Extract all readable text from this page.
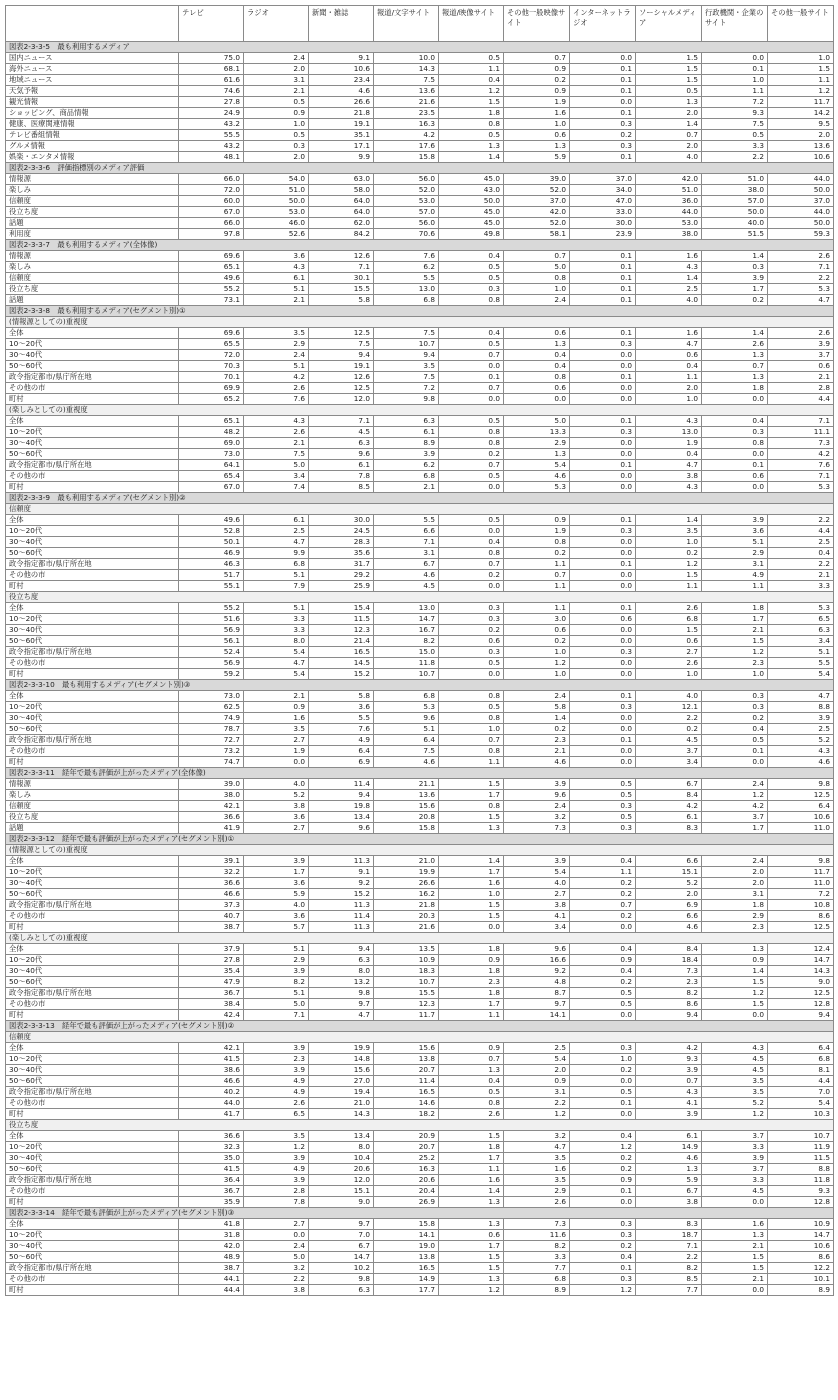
	テレビ	ラジオ	新聞・雑誌	報道/文字サイト	報道/映像サイト	その他一般映像サイト	インターネットラジオ	ソーシャルメディア	行政機関・企業のサイト	その他一般サイト
図表2-3-3-5　最も利用するメディア										
国内ニュース	75.0	2.4	9.1	10.0	0.5	0.7	0.0	1.5	0.0	1.0
海外ニュース	68.1	2.0	10.6	14.3	1.1	0.9	0.1	1.5	0.1	1.5
地域ニュース	61.6	3.1	23.4	7.5	0.4	0.2	0.1	1.5	1.0	1.1
天気予報	74.6	2.1	4.6	13.6	1.2	0.9	0.1	0.5	1.1	1.2
観光情報	27.8	0.5	26.6	21.6	1.5	1.9	0.0	1.3	7.2	11.7
ショッピング、商品情報	24.9	0.9	21.8	23.5	1.8	1.6	0.1	2.0	9.3	14.2
健康、医療関連情報	43.2	1.0	19.1	16.3	0.8	1.0	0.3	1.4	7.5	9.5
テレビ番組情報	55.5	0.5	35.1	4.2	0.5	0.6	0.2	0.7	0.5	2.0
グルメ情報	43.2	0.3	17.1	17.6	1.3	1.3	0.3	2.0	3.3	13.6
娯楽・エンタメ情報	48.1	2.0	9.9	15.8	1.4	5.9	0.1	4.0	2.2	10.6
図表2-3-3-6　評価指標別のメディア評価										
情報源	66.0	54.0	63.0	56.0	45.0	39.0	37.0	42.0	51.0	44.0
楽しみ	72.0	51.0	58.0	52.0	43.0	52.0	34.0	51.0	38.0	50.0
信頼度	60.0	50.0	64.0	53.0	50.0	37.0	47.0	36.0	57.0	37.0
役立ち度	67.0	53.0	64.0	57.0	45.0	42.0	33.0	44.0	50.0	44.0
話題	66.0	46.0	62.0	56.0	45.0	52.0	30.0	53.0	40.0	50.0
利用度	97.8	52.6	84.2	70.6	49.8	58.1	23.9	38.0	51.5	59.3
図表2-3-3-7　最も利用するメディア(全体像)										
情報源	69.6	3.6	12.6	7.6	0.4	0.7	0.1	1.6	1.4	2.6
楽しみ	65.1	4.3	7.1	6.2	0.5	5.0	0.1	4.3	0.3	7.1
信頼度	49.6	6.1	30.1	5.5	0.5	0.8	0.1	1.4	3.9	2.2
役立ち度	55.2	5.1	15.5	13.0	0.3	1.0	0.1	2.5	1.7	5.3
話題	73.1	2.1	5.8	6.8	0.8	2.4	0.1	4.0	0.2	4.7
図表2-3-3-8　最も利用するメディア(セグメント別)①										
(情報源としての)重視度										
全体	69.6	3.5	12.5	7.5	0.4	0.6	0.1	1.6	1.4	2.6
10〜20代	65.5	2.9	7.5	10.7	0.5	1.3	0.3	4.7	2.6	3.9
30〜40代	72.0	2.4	9.4	9.4	0.7	0.4	0.0	0.6	1.3	3.7
50〜60代	70.3	5.1	19.1	3.5	0.0	0.4	0.0	0.4	0.7	0.6
政令指定都市/県庁所在地	70.1	4.2	12.6	7.5	0.1	0.8	0.1	1.1	1.3	2.1
その他の市	69.9	2.6	12.5	7.2	0.7	0.6	0.0	2.0	1.8	2.8
町村	65.2	7.6	12.0	9.8	0.0	0.0	0.0	1.0	0.0	4.4
(楽しみとしての)重視度										
全体	65.1	4.3	7.1	6.3	0.5	5.0	0.1	4.3	0.4	7.1
10〜20代	48.2	2.6	4.5	6.1	0.8	13.3	0.3	13.0	0.3	11.1
30〜40代	69.0	2.1	6.3	8.9	0.8	2.9	0.0	1.9	0.8	7.3
50〜60代	73.0	7.5	9.6	3.9	0.2	1.3	0.0	0.4	0.0	4.2
政令指定都市/県庁所在地	64.1	5.0	6.1	6.2	0.7	5.4	0.1	4.7	0.1	7.6
その他の市	65.4	3.4	7.8	6.8	0.5	4.6	0.0	3.8	0.6	7.1
町村	67.0	7.4	8.5	2.1	0.0	5.3	0.0	4.3	0.0	5.3
図表2-3-3-9　最も利用するメディア(セグメント別)②										
信頼度										
全体	49.6	6.1	30.0	5.5	0.5	0.9	0.1	1.4	3.9	2.2
10〜20代	52.8	2.5	24.5	6.6	0.0	1.9	0.3	3.5	3.6	4.4
30〜40代	50.1	4.7	28.3	7.1	0.4	0.8	0.0	1.0	5.1	2.5
50〜60代	46.9	9.9	35.6	3.1	0.8	0.2	0.0	0.2	2.9	0.4
政令指定都市/県庁所在地	46.3	6.8	31.7	6.7	0.7	1.1	0.1	1.2	3.1	2.2
その他の市	51.7	5.1	29.2	4.6	0.2	0.7	0.0	1.5	4.9	2.1
町村	55.1	7.9	25.9	4.5	0.0	1.1	0.0	1.1	1.1	3.3
役立ち度										
全体	55.2	5.1	15.4	13.0	0.3	1.1	0.1	2.6	1.8	5.3
10〜20代	51.6	3.3	11.5	14.7	0.3	3.0	0.6	6.8	1.7	6.5
30〜40代	56.9	3.3	12.3	16.7	0.2	0.6	0.0	1.5	2.1	6.3
50〜60代	56.1	8.0	21.4	8.2	0.6	0.2	0.0	0.6	1.5	3.4
政令指定都市/県庁所在地	52.4	5.4	16.5	15.0	0.3	1.0	0.3	2.7	1.2	5.1
その他の市	56.9	4.7	14.5	11.8	0.5	1.2	0.0	2.6	2.3	5.5
町村	59.2	5.4	15.2	10.7	0.0	1.0	0.0	1.0	1.0	5.4
図表2-3-3-10　最も利用するメディア(セグメント別)③										
全体	73.0	2.1	5.8	6.8	0.8	2.4	0.1	4.0	0.3	4.7
10〜20代	62.5	0.9	3.6	5.3	0.5	5.8	0.3	12.1	0.3	8.8
30〜40代	74.9	1.6	5.5	9.6	0.8	1.4	0.0	2.2	0.2	3.9
50〜60代	78.7	3.5	7.6	5.1	1.0	0.2	0.0	0.2	0.4	2.5
政令指定都市/県庁所在地	72.7	2.7	4.9	6.4	0.7	2.3	0.1	4.5	0.5	5.2
その他の市	73.2	1.9	6.4	7.5	0.8	2.1	0.0	3.7	0.1	4.3
町村	74.7	0.0	6.9	4.6	1.1	4.6	0.0	3.4	0.0	4.6
図表2-3-3-11　経年で最も評価が上がったメディア(全体像)										
情報源	39.0	4.0	11.4	21.1	1.5	3.9	0.5	6.7	2.4	9.8
楽しみ	38.0	5.2	9.4	13.6	1.7	9.6	0.5	8.4	1.2	12.5
信頼度	42.1	3.8	19.8	15.6	0.8	2.4	0.3	4.2	4.2	6.4
役立ち度	36.6	3.6	13.4	20.8	1.5	3.2	0.5	6.1	3.7	10.6
話題	41.9	2.7	9.6	15.8	1.3	7.3	0.3	8.3	1.7	11.0
図表2-3-3-12　経年で最も評価が上がったメディア(セグメント別)①										
(情報源としての)重視度										
全体	39.1	3.9	11.3	21.0	1.4	3.9	0.4	6.6	2.4	9.8
10〜20代	32.2	1.7	9.1	19.9	1.7	5.4	1.1	15.1	2.0	11.7
30〜40代	36.6	3.6	9.2	26.6	1.6	4.0	0.2	5.2	2.0	11.0
50〜60代	46.6	5.9	15.2	16.2	1.0	2.7	0.2	2.0	3.1	7.2
政令指定都市/県庁所在地	37.3	4.0	11.3	21.8	1.5	3.8	0.7	6.9	1.8	10.8
その他の市	40.7	3.6	11.4	20.3	1.5	4.1	0.2	6.6	2.9	8.6
町村	38.7	5.7	11.3	21.6	0.0	3.4	0.0	4.6	2.3	12.5
(楽しみとしての)重視度										
全体	37.9	5.1	9.4	13.5	1.8	9.6	0.4	8.4	1.3	12.4
10〜20代	27.8	2.9	6.3	10.9	0.9	16.6	0.9	18.4	0.9	14.7
30〜40代	35.4	3.9	8.0	18.3	1.8	9.2	0.4	7.3	1.4	14.3
50〜60代	47.9	8.2	13.2	10.7	2.3	4.8	0.2	2.3	1.5	9.0
政令指定都市/県庁所在地	36.7	5.1	9.8	15.5	1.8	8.7	0.5	8.2	1.2	12.5
その他の市	38.4	5.0	9.7	12.3	1.7	9.7	0.5	8.6	1.5	12.8
町村	42.4	7.1	4.7	11.7	1.1	14.1	0.0	9.4	0.0	9.4
図表2-3-3-13　経年で最も評価が上がったメディア(セグメント別)②										
信頼度										
全体	42.1	3.9	19.9	15.6	0.9	2.5	0.3	4.2	4.3	6.4
10〜20代	41.5	2.3	14.8	13.8	0.7	5.4	1.0	9.3	4.5	6.8
30〜40代	38.6	3.9	15.6	20.7	1.3	2.0	0.2	3.9	4.5	8.1
50〜60代	46.6	4.9	27.0	11.4	0.4	0.9	0.0	0.7	3.5	4.4
政令指定都市/県庁所在地	40.2	4.9	19.4	16.5	0.5	3.1	0.5	4.3	3.5	7.0
その他の市	44.0	2.6	21.0	14.6	0.8	2.2	0.1	4.1	5.2	5.4
町村	41.7	6.5	14.3	18.2	2.6	1.2	0.0	3.9	1.2	10.3
役立ち度										
全体	36.6	3.5	13.4	20.9	1.5	3.2	0.4	6.1	3.7	10.7
10〜20代	32.3	1.2	8.0	20.7	1.8	4.7	1.2	14.9	3.3	11.9
30〜40代	35.0	3.9	10.4	25.2	1.7	3.5	0.2	4.6	3.9	11.5
50〜60代	41.5	4.9	20.6	16.3	1.1	1.6	0.2	1.3	3.7	8.8
政令指定都市/県庁所在地	36.4	3.9	12.0	20.6	1.6	3.5	0.9	5.9	3.3	11.8
その他の市	36.7	2.8	15.1	20.4	1.4	2.9	0.1	6.7	4.5	9.3
町村	35.9	7.8	9.0	26.9	1.3	2.6	0.0	3.8	0.0	12.8
図表2-3-3-14　経年で最も評価が上がったメディア(セグメント別)③										
全体	41.8	2.7	9.7	15.8	1.3	7.3	0.3	8.3	1.6	10.9
10〜20代	31.8	0.0	7.0	14.1	0.6	11.6	0.3	18.7	1.3	14.7
30〜40代	42.0	2.4	6.7	19.0	1.7	8.2	0.2	7.1	2.1	10.6
50〜60代	48.9	5.0	14.7	13.8	1.5	3.3	0.4	2.2	1.5	8.6
政令指定都市/県庁所在地	38.7	3.2	10.2	16.5	1.5	7.7	0.1	8.2	1.5	12.2
その他の市	44.1	2.2	9.8	14.9	1.3	6.8	0.3	8.5	2.1	10.1
町村	44.4	3.8	6.3	17.7	1.2	8.9	1.2	7.7	0.0	8.9
